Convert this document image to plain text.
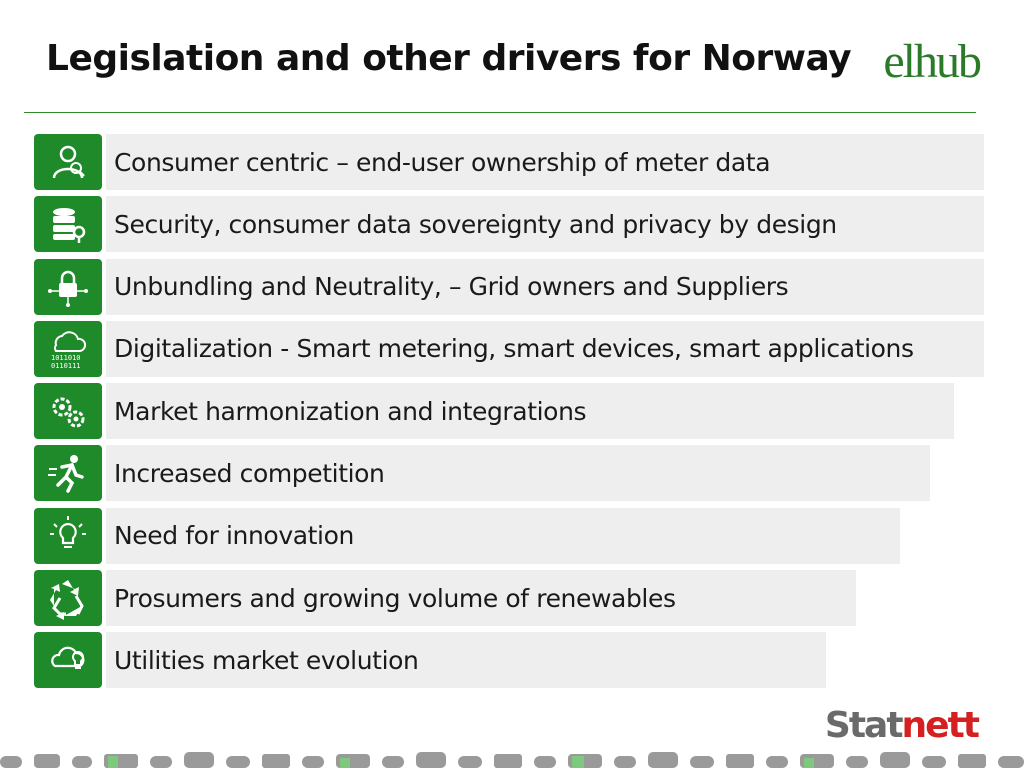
Legislation and other drivers for Norway elhub
Consumer centric – end-user ownership of meter data
Security, consumer data sovereignty and privacy by design
Unbundling and Neutrality, – Grid owners and Suppliers
1011010
0110111
Digitalization - Smart metering, smart devices, smart applications
Market harmonization and integrations
Increased competition
Need for innovation
Prosumers and growing volume of renewables
Utilities market evolution
Statnett
